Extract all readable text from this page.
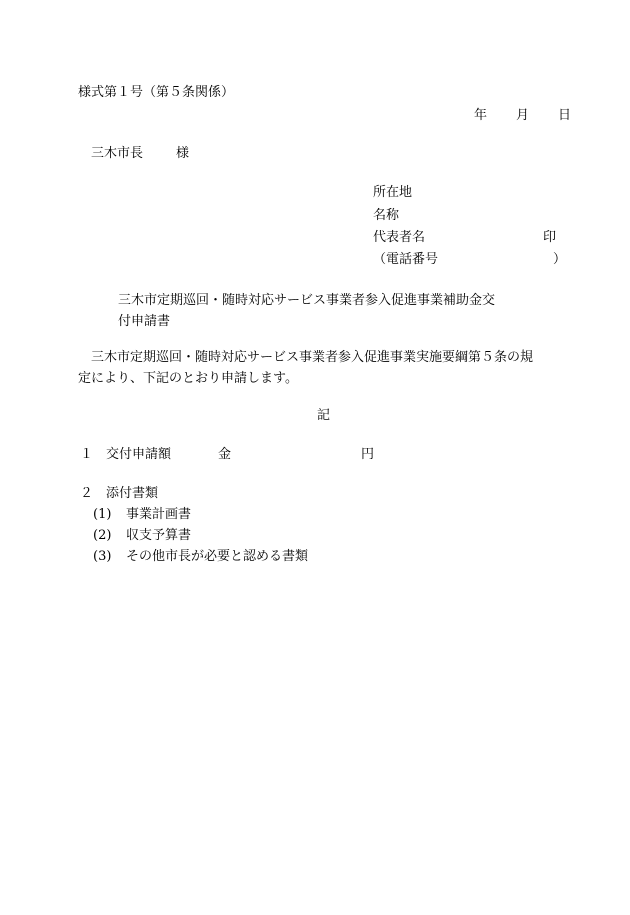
様式第１号（第５条関係）
年 月 日
三木市長	様
所在地
名称
代表者名	印
（電話番号	）
三木市定期巡回・随時対応サービス事業者参入促進事業補助金交
付申請書
三木市定期巡回・随時対応サービス事業者参入促進事業実施要綱第５条の規
定により、下記のとおり申請します。
記
１ 交付申請額	金	円
２ 添付書類
(1) 事業計画書
(2) 収支予算書
(3) その他市長が必要と認める書類
